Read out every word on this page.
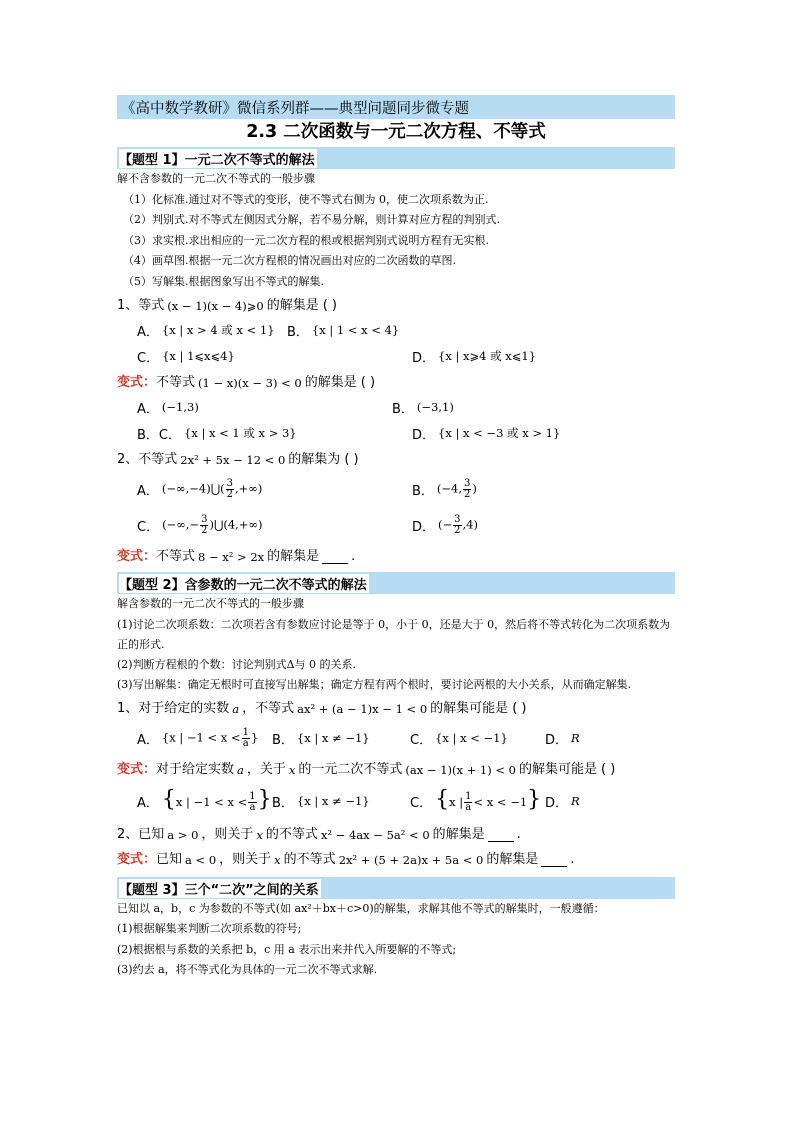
《高中数学教研》微信系列群——典型问题同步微专题
2.3 二次函数与一元二次方程、不等式
【题型 1】一元二次不等式的解法

解不含参数的一元二次不等式的一般步骤

（1）化标准.通过对不等式的变形，使不等式右侧为 0，使二次项系数为正.

（2）判别式.对不等式左侧因式分解，若不易分解，则计算对应方程的判别式.

（3）求实根.求出相应的一元二次方程的根或根据判别式说明方程有无实根.

（4）画草图.根据一元二次方程根的情况画出对应的二次函数的草图.

（5）写解集.根据图象写出不等式的解集.

1、等式 (x − 1)(x − 4)⩾0 的解集是 ( )
A． {x | x > 4 或 x < 1} B． {x | 1 < x < 4}
C． {x | 1⩽x⩽4}	D． {x | x⩾4 或 x⩽1}
变式： 不等式 (1 − x)(x − 3) < 0 的解集是 ( )
A． (−1,3)	B． (−3,1)
B．C． {x | x < 1 或 x > 3}	D． {x | x < −3 或 x > 1}
2、不等式 2x² + 5x − 12 < 0 的解集为 ( )
A． (−∞,−4)⋃( $\frac{3}{2}$ ,+∞)	B． (−4, $\frac{3}{2}$ )
C． (−∞,− $\frac{3}{2}$ )⋃(4,+∞)	D． (− $\frac{3}{2} ,4$)
变式： 不等式 8 − x² > 2x 的解集是 .
【题型 2】含参数的一元二次不等式的解法

解含参数的一元二次不等式的一般步骤

(1)讨论二次项系数：二次项若含有参数应讨论是等于 0，小于 0，还是大于 0，然后将不等式转化为二次项系数为正的形式.

(2)判断方程根的个数：讨论判别式Δ与 0 的关系.

(3)写出解集：确定无根时可直接写出解集；确定方程有两个根时，要讨论两根的大小关系，从而确定解集.

1、对于给定的实数 a ，不等式 ax² + (a − 1)x − 1 < 0 的解集可能是 ( )
A． {x | $-1 < x < \frac{1}{a}$ } B． {x | x ≠ −1}	C． {x | x < −1}	D． R
变式： 对于给定实数 a ，关于 x 的一元二次不等式 (ax − 1)(x + 1) < 0 的解集可能是 ( )
A． {x | $-1 < x < \frac{1}{a}$ } B． {x | x ≠ −1}	C． {x | $\frac{1}{a} < x < -1$} D． R
2、已知 a > 0 ，则关于 x 的不等式 x² − 4ax − 5a² < 0 的解集是 .
变式： 已知 a < 0 ，则关于 x 的不等式 2x² + (5 + 2a)x + 5a < 0 的解集是 .
【题型 3】三个“二次”之间的关系

已知以 a，b，c 为参数的不等式(如 ax²＋bx＋c>0)的解集，求解其他不等式的解集时，一般遵循：

(1)根据解集来判断二次项系数的符号;

(2)根据根与系数的关系把 b，c 用 a 表示出来并代入所要解的不等式;

(3)约去 a，将不等式化为具体的一元二次不等式求解.
